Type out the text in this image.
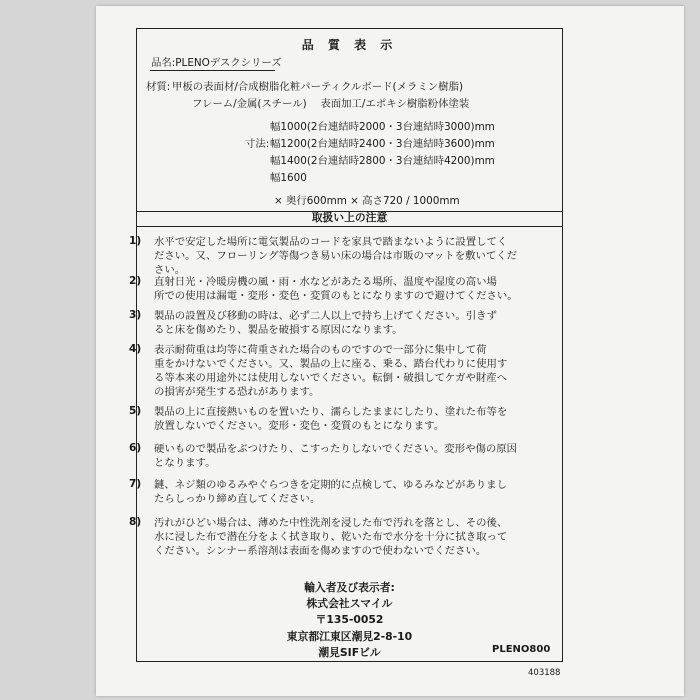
品 質 表 示
品名:PLENOデスクシリーズ
材質: 甲板の表面材/合成樹脂化粧パーティクルボード(メラミン樹脂)
フレーム/金属(スチール)　 表面加工/エポキシ樹脂粉体塗装
寸法:
幅1000(2台連結時2000・3台連結時3000)mm
幅1200(2台連結時2400・3台連結時3600)mm
幅1400(2台連結時2800・3台連結時4200)mm
幅1600
× 奥行600mm × 高さ720 / 1000mm
取扱い上の注意
1) 水平で安定した場所に電気製品のコードを家具で踏まないように設置してく
ださい。又、フローリング等傷つき易い床の場合は市販のマットを敷いてくだ
さい。
2) 直射日光・冷暖房機の風・雨・水などがあたる場所、温度や湿度の高い場
所での使用は漏電・変形・変色・変質のもとになりますので避けてください。
3) 製品の設置及び移動の時は、必ず二人以上で持ち上げてください。引きず
ると床を傷めたり、製品を破損する原因になります。
4) 表示耐荷重は均等に荷重された場合のものですので一部分に集中して荷
重をかけないでください。又、製品の上に座る、乗る、踏台代わりに使用す
る等本来の用途外には使用しないでください。転倒・破損してケガや財産へ
の損害が発生する恐れがあります。
5) 製品の上に直接熱いものを置いたり、濡らしたままにしたり、塗れた布等を
放置しないでください。変形・変色・変質のもとになります。
6) 硬いもので製品をぶつけたり、こすったりしないでください。変形や傷の原因
となります。
7) 鏈、ネジ類のゆるみやぐらつきを定期的に点検して、ゆるみなどがありまし
たらしっかり締め直してください。
8) 汚れがひどい場合は、薄めた中性洗剤を浸した布で汚れを落とし、その後、
水に浸した布で潜在分をよく拭き取り、乾いた布で水分を十分に拭き取って
ください。シンナー系溶剤は表面を傷めますので使わないでください。
輸入者及び表示者:
株式会社スマイル
〒135-0052
東京都江東区潮見2-8-10
潮見SIFビル	PLENO800
403188
